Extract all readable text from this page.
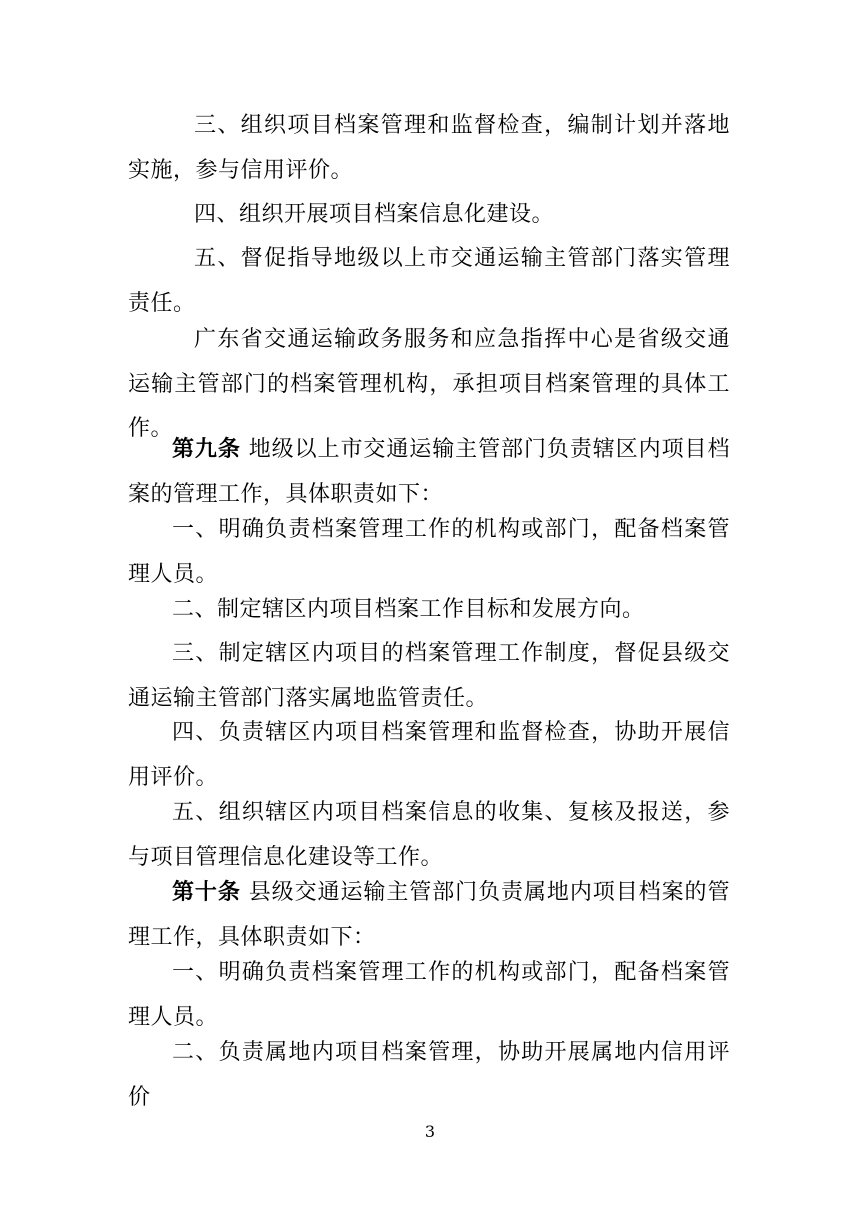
三、组织项目档案管理和监督检查，编制计划并落地实施，参与信用评价。

四、组织开展项目档案信息化建设。

五、督促指导地级以上市交通运输主管部门落实管理责任。

广东省交通运输政务服务和应急指挥中心是省级交通运输主管部门的档案管理机构，承担项目档案管理的具体工作。

第九条 地级以上市交通运输主管部门负责辖区内项目档案的管理工作，具体职责如下：

一、明确负责档案管理工作的机构或部门，配备档案管理人员。

二、制定辖区内项目档案工作目标和发展方向。

三、制定辖区内项目的档案管理工作制度，督促县级交通运输主管部门落实属地监管责任。

四、负责辖区内项目档案管理和监督检查，协助开展信用评价。

五、组织辖区内项目档案信息的收集、复核及报送，参与项目管理信息化建设等工作。

第十条 县级交通运输主管部门负责属地内项目档案的管理工作，具体职责如下：

一、明确负责档案管理工作的机构或部门，配备档案管理人员。

二、负责属地内项目档案管理，协助开展属地内信用评价

3
